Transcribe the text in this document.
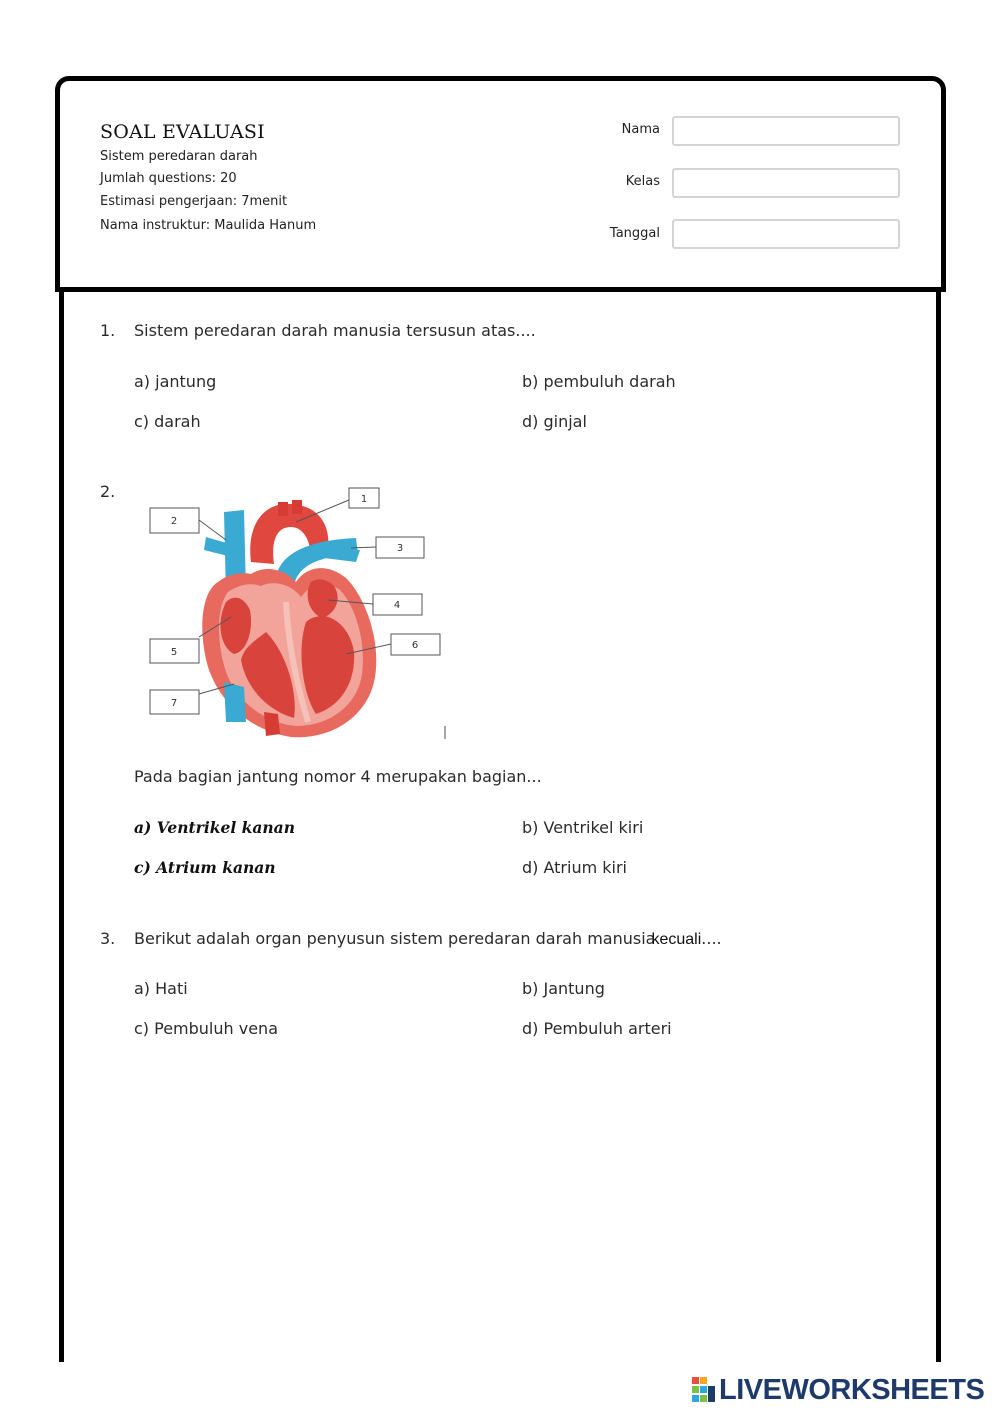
SOAL EVALUASI
Sistem peredaran darah
Jumlah questions: 20
Estimasi pengerjaan: 7menit
Nama instruktur: Maulida Hanum
Nama
Kelas
Tanggal
1. Sistem peredaran darah manusia tersusun atas....
a) jantung	b) pembuluh darah
c) darah	d) ginjal
2.	1
2
3
4
5
6
7
Pada bagian jantung nomor 4 merupakan bagian...
a) Ventrikel kanan	b) Ventrikel kiri
c) Atrium kanan	d) Atrium kiri
3. Berikut adalah organ penyusun sistem peredaran darah manusiakecuali....
a) Hati	b) Jantung
c) Pembuluh vena	d) Pembuluh arteri
LIVEWORKSHEETS
